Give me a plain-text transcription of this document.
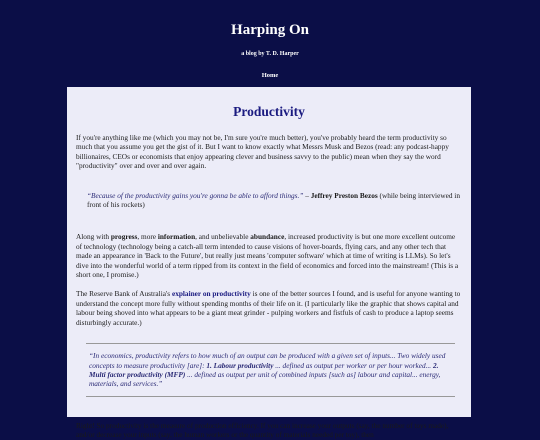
Harping On
a blog by T. D. Harper
Home
Productivity

If you're anything like me (which you may not be, I'm sure you're much better), you've probably heard the term productivity so much that you assume you get the gist of it. But I want to know exactly what Messrs Musk and Bezos (read: any podcast-happy billionaires, CEOs or economists that enjoy appearing clever and business savvy to the public) mean when they say the word "productivity" over and over and over again.

“Because of the productivity gains you're gonna be able to afford things.” – Jeffrey Preston Bezos (while being interviewed in front of his rockets)

Along with progress, more information, and unbelievable abundance, increased productivity is but one more excellent outcome of technology (technology being a catch-all term intended to cause visions of hover-boards, flying cars, and any other tech that made an appearance in 'Back to the Future', but really just means 'computer software' which at time of writing is LLMs). So let's dive into the wonderful world of a term ripped from its context in the field of economics and forced into the mainstream! (This is a short one, I promise.)

The Reserve Bank of Australia's explainer on productivity is one of the better sources I found, and is useful for anyone wanting to understand the concept more fully without spending months of their life on it. (I particularly like the graphic that shows capital and labour being shoved into what appears to be a giant meat grinder - pulping workers and fistfuls of cash to produce a laptop seems disturbingly accurate.)

“In economics, productivity refers to how much of an output can be produced with a given set of inputs... Two widely used concepts to measure productivity [are]: 1. Labour productivity ... defined as output per worker or per hour worked... 2. Multi factor productivity (MFP) ... defined as output per unit of combined inputs [such as] labour and capital... energy, materials, and services.”

Right! So productivity is the measure of production efficiency. If you can increase your outputs (say, the number of toys made), and/or decrease your inputs (say, the human workers or the quantity of materials needed per toy), then
